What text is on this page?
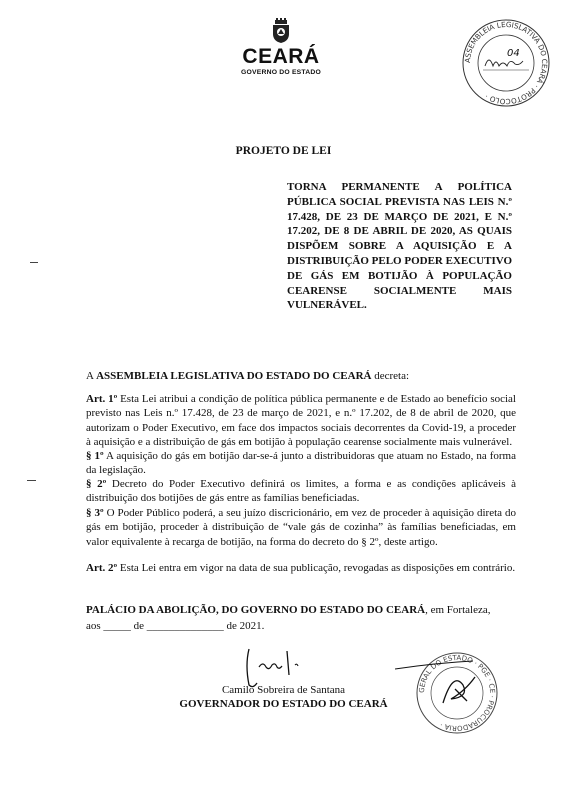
CEARÁ
GOVERNO DO ESTADO
ASSEMBLEIA LEGISLATIVA DO CEARÁ · PROTOCOLO ·
04
PROJETO DE LEI
TORNA PERMANENTE A POLÍTICA PÚBLICA SOCIAL PREVISTA NAS LEIS N.º 17.428, DE 23 DE MARÇO DE 2021, E N.º 17.202, DE 8 DE ABRIL DE 2020, AS QUAIS DISPÕEM SOBRE A AQUISIÇÃO E A DISTRIBUIÇÃO PELO PODER EXECUTIVO DE GÁS EM BOTIJÃO À POPULAÇÃO CEARENSE SOCIALMENTE MAIS VULNERÁVEL.
A ASSEMBLEIA LEGISLATIVA DO ESTADO DO CEARÁ decreta:
Art. 1º Esta Lei atribui a condição de política pública permanente e de Estado ao benefício social previsto nas Leis n.º 17.428, de 23 de março de 2021, e n.º 17.202, de 8 de abril de 2020, que autorizam o Poder Executivo, em face dos impactos sociais decorrentes da Covid-19, a proceder à aquisição e a distribuição de gás em botijão à população cearense socialmente mais vulnerável.
§ 1º A aquisição do gás em botijão dar-se-á junto a distribuidoras que atuam no Estado, na forma da legislação.
§ 2º Decreto do Poder Executivo definirá os limites, a forma e as condições aplicáveis à distribuição dos botijões de gás entre as famílias beneficiadas.
§ 3º O Poder Público poderá, a seu juízo discricionário, em vez de proceder à aquisição direta do gás em botijão, proceder à distribuição de “vale gás de cozinha” às famílias beneficiadas, em valor equivalente à recarga de botijão, na forma do decreto do § 2º, deste artigo.
Art. 2º Esta Lei entra em vigor na data de sua publicação, revogadas as disposições em contrário.
PALÁCIO DA ABOLIÇÃO, DO GOVERNO DO ESTADO DO CEARÁ, em Fortaleza,
aos _____ de ______________ de 2021.
Camilo Sobreira de Santana
GOVERNADOR DO ESTADO DO CEARÁ
GERAL DO ESTADO · PGE · CE · PROCURADORIA ·
